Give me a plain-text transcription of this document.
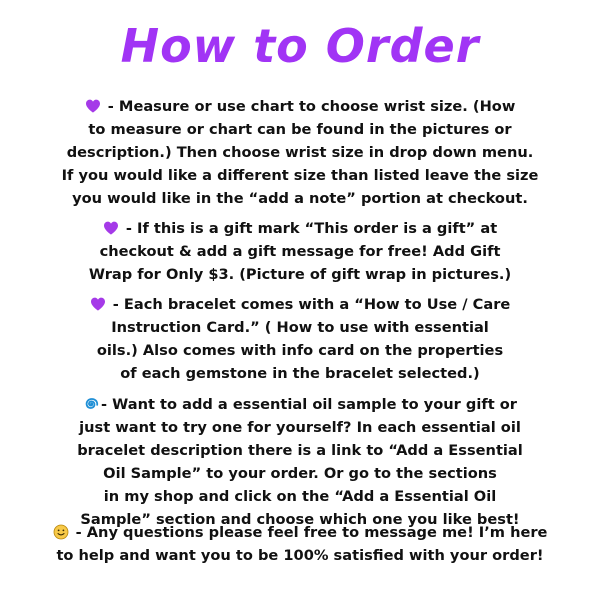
How to Order
- Measure or use chart to choose wrist size. (How
to measure or chart can be found in the pictures or
description.) Then choose wrist size in drop down menu.
If you would like a different size than listed leave the size
you would like in the “add a note” portion at checkout.
- If this is a gift mark “This order is a gift” at
checkout & add a gift message for free! Add Gift
Wrap for Only $3. (Picture of gift wrap in pictures.)
- Each bracelet comes with a “How to Use / Care
Instruction Card.” ( How to use with essential
oils.) Also comes with info card on the properties
of each gemstone in the bracelet selected.)
- Want to add a essential oil sample to your gift or
just want to try one for yourself? In each essential oil
bracelet description there is a link to “Add a Essential
Oil Sample” to your order. Or go to the sections
in my shop and click on the “Add a Essential Oil
Sample” section and choose which one you like best!
- Any questions please feel free to message me! I’m here
to help and want you to be 100% satisfied with your order!
